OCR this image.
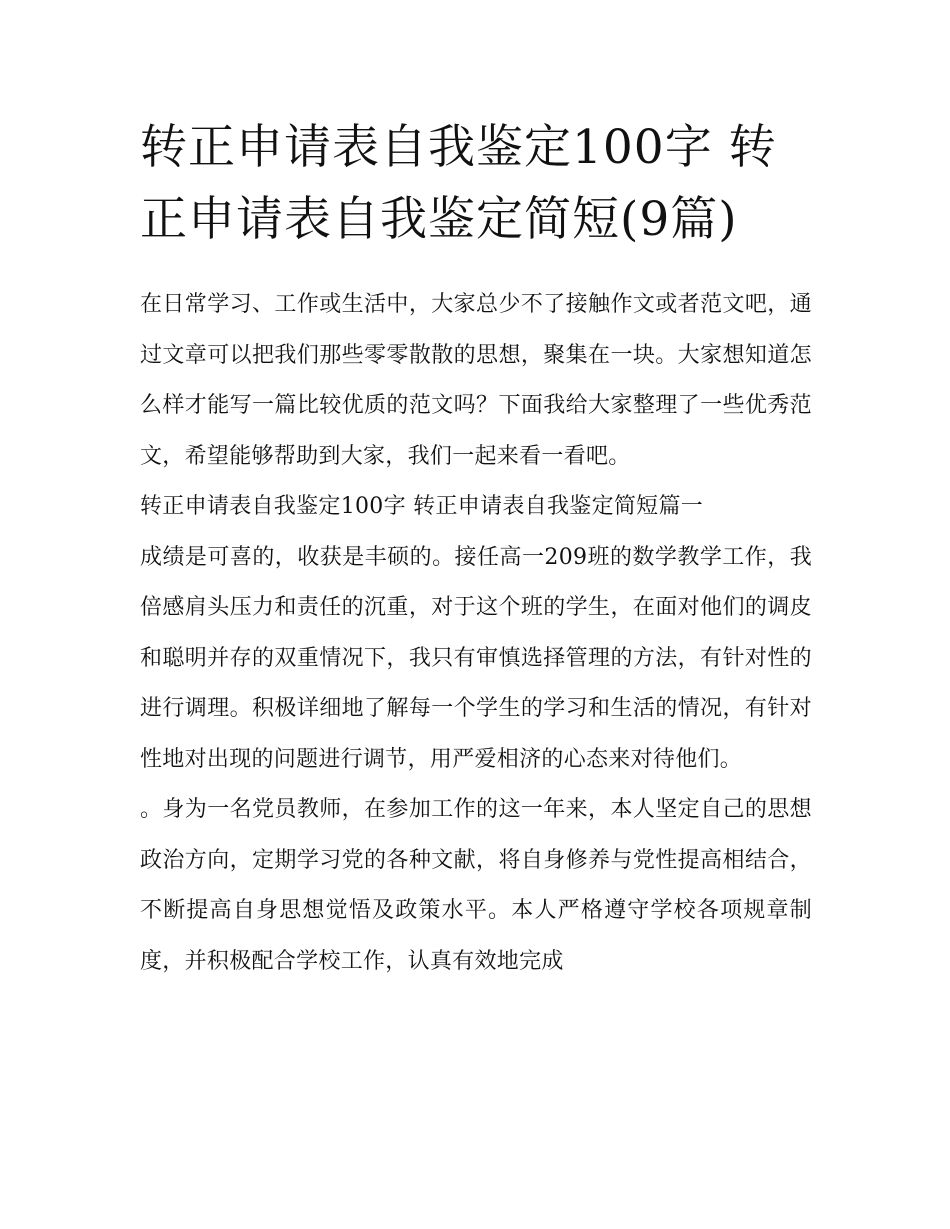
转正申请表自我鉴定100字 转正申请表自我鉴定简短(9篇)

在日常学习、工作或生活中，大家总少不了接触作文或者范文吧，通过文章可以把我们那些零零散散的思想，聚集在一块。大家想知道怎么样才能写一篇比较优质的范文吗？下面我给大家整理了一些优秀范文，希望能够帮助到大家，我们一起来看一看吧。

转正申请表自我鉴定100字 转正申请表自我鉴定简短篇一

成绩是可喜的，收获是丰硕的。接任高一209班的数学教学工作，我倍感肩头压力和责任的沉重，对于这个班的学生，在面对他们的调皮和聪明并存的双重情况下，我只有审慎选择管理的方法，有针对性的进行调理。积极详细地了解每一个学生的学习和生活的情况，有针对性地对出现的问题进行调节，用严爱相济的心态来对待他们。

。身为一名党员教师，在参加工作的这一年来，本人坚定自己的思想政治方向，定期学习党的各种文献，将自身修养与党性提高相结合，不断提高自身思想觉悟及政策水平。本人严格遵守学校各项规章制度，并积极配合学校工作，认真有效地完成
